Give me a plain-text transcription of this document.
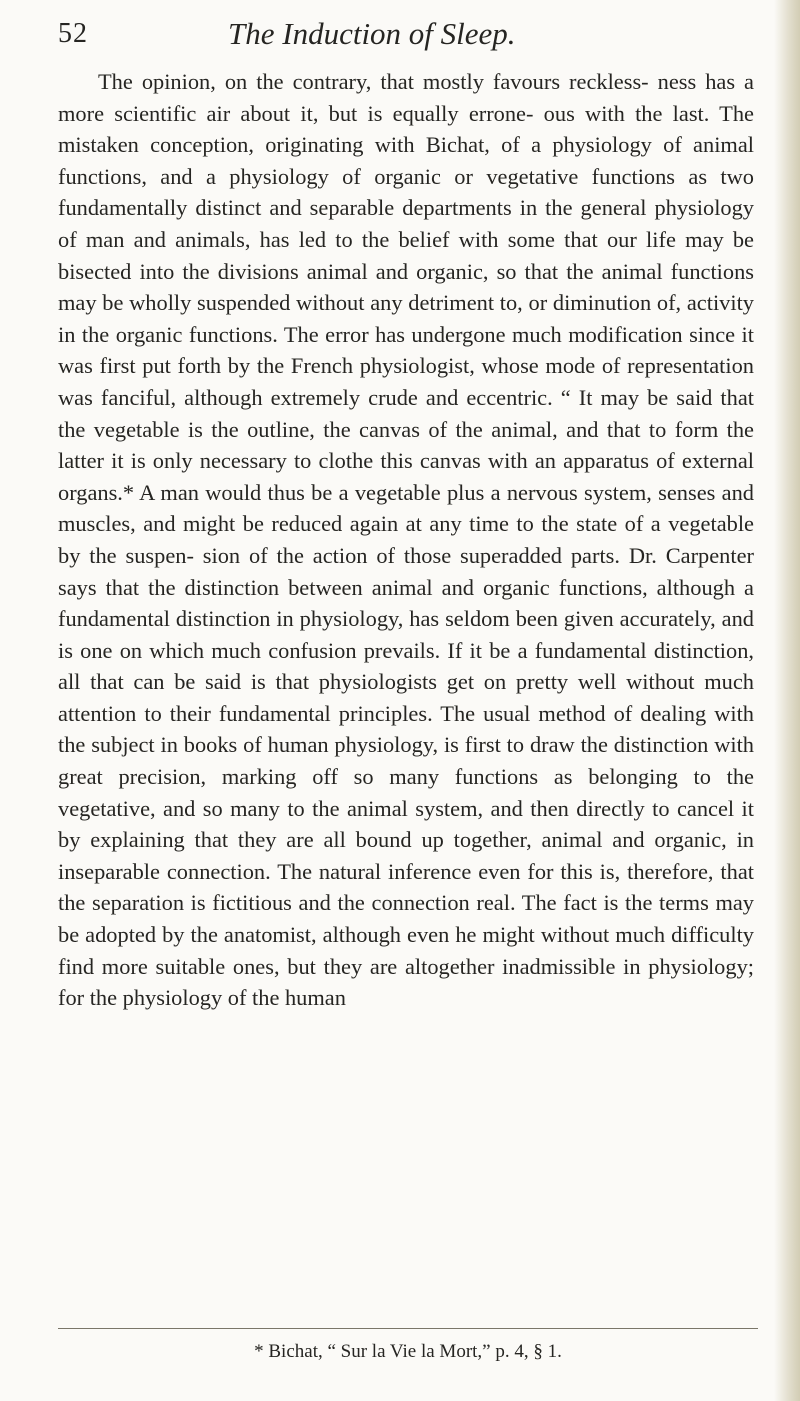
52	The Induction of Sleep.

The opinion, on the contrary, that mostly favours reckless- ness has a more scientific air about it, but is equally errone- ous with the last. The mistaken conception, originating with Bichat, of a physiology of animal functions, and a physiology of organic or vegetative functions as two fundamentally distinct and separable departments in the general physiology of man and animals, has led to the belief with some that our life may be bisected into the divisions animal and organic, so that the animal functions may be wholly suspended without any detriment to, or diminution of, activity in the organic functions. The error has undergone much modification since it was first put forth by the French physiologist, whose mode of representation was fanciful, although extremely crude and eccentric. “ It may be said that the vegetable is the outline, the canvas of the animal, and that to form the latter it is only necessary to clothe this canvas with an apparatus of external organs.* A man would thus be a vegetable plus a nervous system, senses and muscles, and might be reduced again at any time to the state of a vegetable by the suspen- sion of the action of those superadded parts. Dr. Carpenter says that the distinction between animal and organic functions, although a fundamental distinction in physiology, has seldom been given accurately, and is one on which much confusion prevails. If it be a fundamental distinction, all that can be said is that physiologists get on pretty well without much attention to their fundamental principles. The usual method of dealing with the subject in books of human physiology, is first to draw the distinction with great precision, marking off so many functions as belonging to the vegetative, and so many to the animal system, and then directly to cancel it by explaining that they are all bound up together, animal and organic, in inseparable connection. The natural inference even for this is, therefore, that the separation is fictitious and the connection real. The fact is the terms may be adopted by the anatomist, although even he might without much difficulty find more suitable ones, but they are altogether inadmissible in physiology; for the physiology of the human

* Bichat, “ Sur la Vie la Mort,” p. 4, § 1.
